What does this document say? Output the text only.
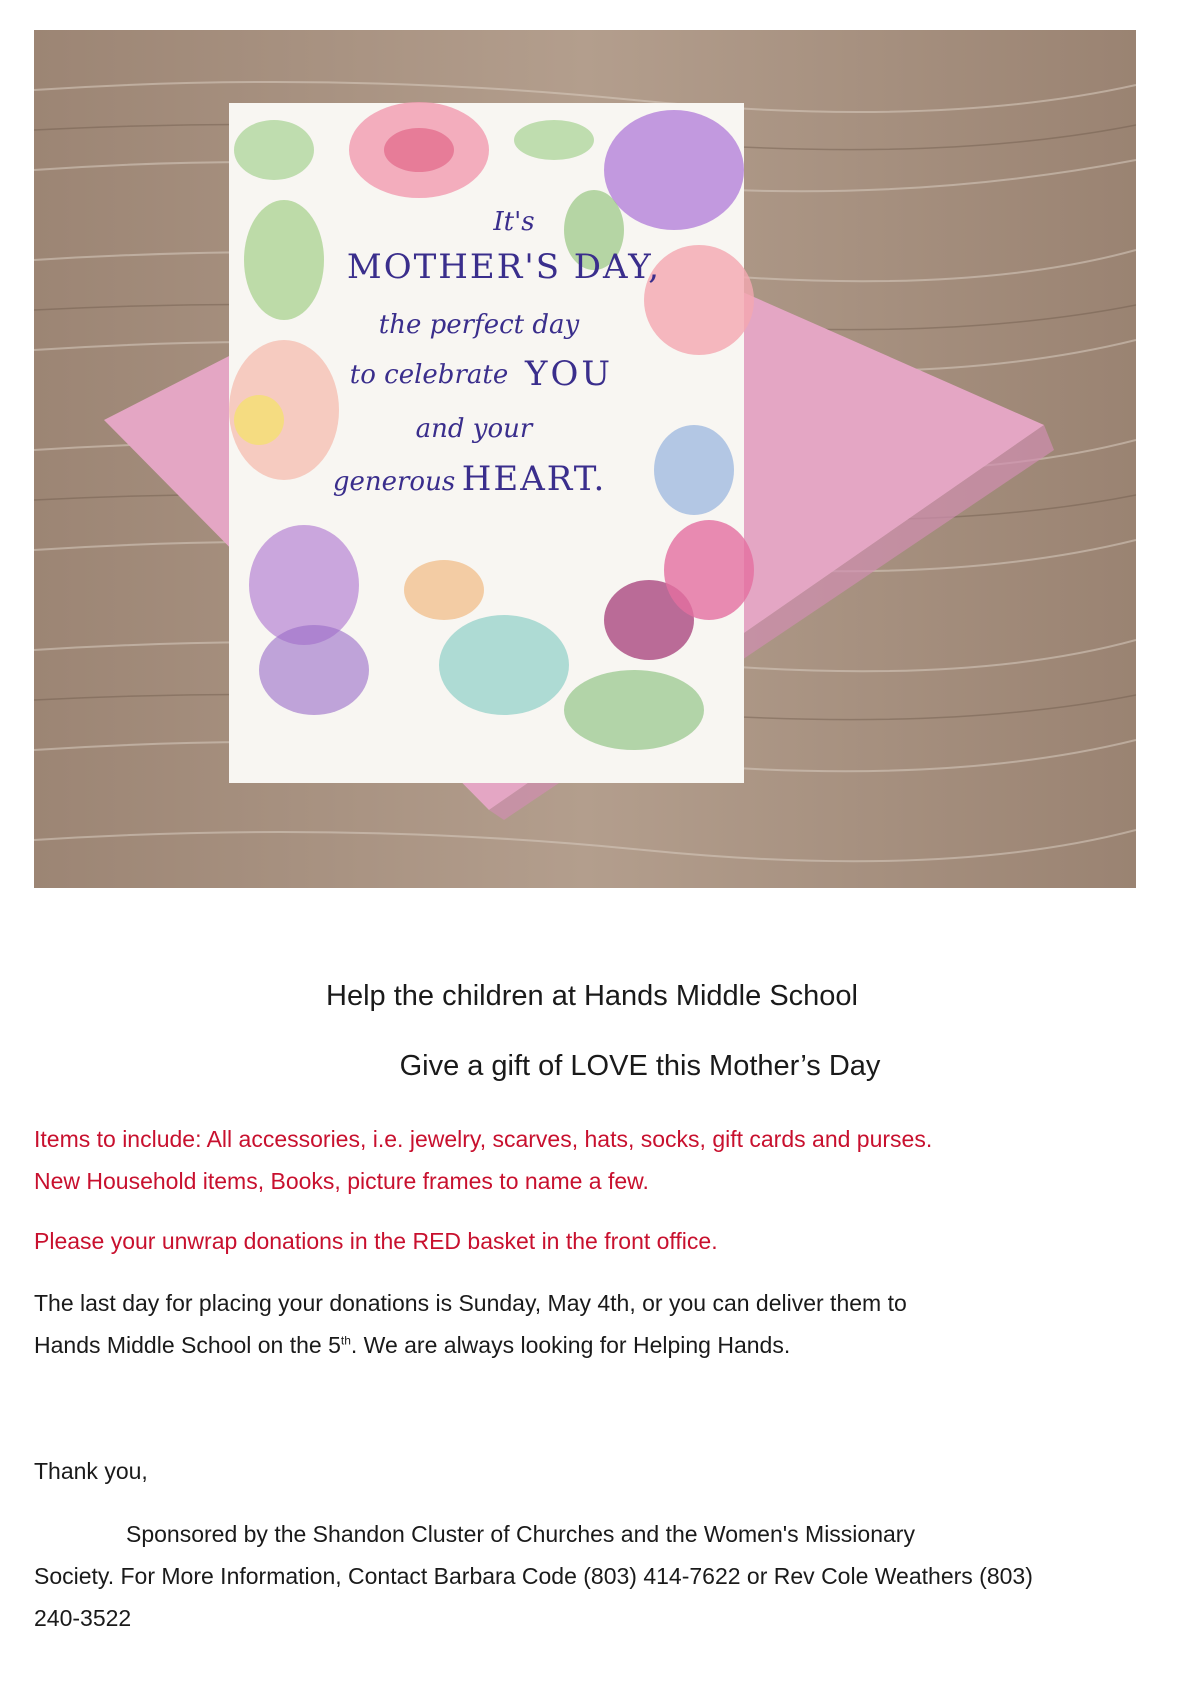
It's
MOTHER'S DAY,
the perfect day
to celebrate YOU
and your
generous HEART.
Help the children at Hands Middle School
Give a gift of LOVE this Mother’s Day

Items to include: All accessories, i.e. jewelry, scarves, hats, socks, gift cards and purses.
New Household items, Books, picture frames to name a few.

Please your unwrap donations in the RED basket in the front office.

The last day for placing your donations is Sunday, May 4th, or you can deliver them to
Hands Middle School on the 5th. We are always looking for Helping Hands.

Thank you,

Sponsored by the Shandon Cluster of Churches and the Women's Missionary
Society. For More Information, Contact Barbara Code (803) 414-7622 or Rev Cole Weathers (803)
240-3522
